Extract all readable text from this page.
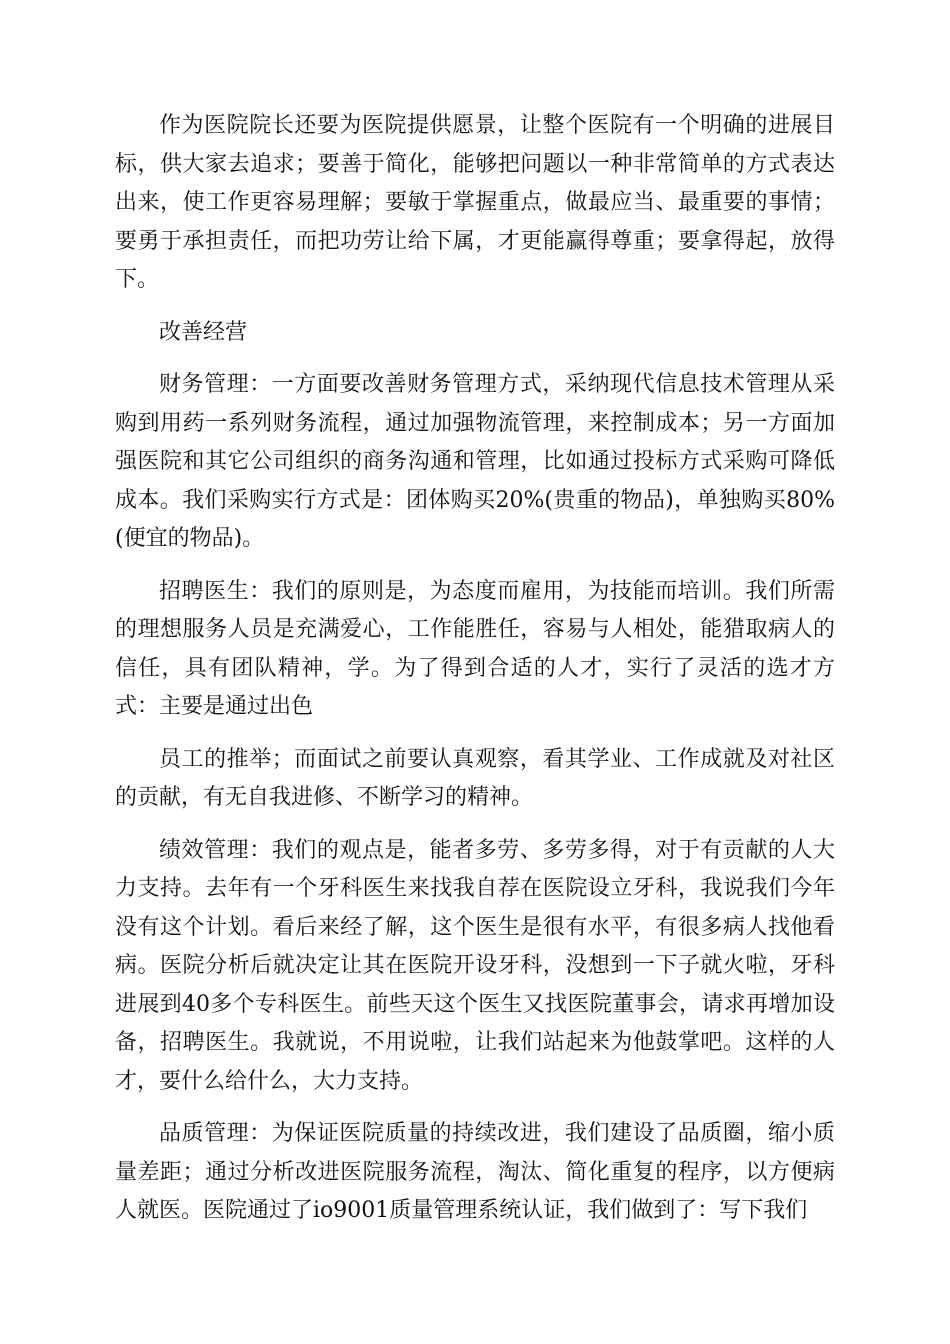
作为医院院长还要为医院提供愿景，让整个医院有一个明确的进展目标，供大家去追求；要善于简化，能够把问题以一种非常简单的方式表达出来，使工作更容易理解；要敏于掌握重点，做最应当、最重要的事情；要勇于承担责任，而把功劳让给下属，才更能赢得尊重；要拿得起，放得下。

改善经营

财务管理：一方面要改善财务管理方式，采纳现代信息技术管理从采购到用药一系列财务流程，通过加强物流管理，来控制成本；另一方面加强医院和其它公司组织的商务沟通和管理，比如通过投标方式采购可降低成本。我们采购实行方式是：团体购买20%(贵重的物品)，单独购买80%(便宜的物品)。

招聘医生：我们的原则是，为态度而雇用，为技能而培训。我们所需的理想服务人员是充满爱心，工作能胜任，容易与人相处，能猎取病人的信任，具有团队精神，学。为了得到合适的人才，实行了灵活的选才方式：主要是通过出色

员工的推举；而面试之前要认真观察，看其学业、工作成就及对社区的贡献，有无自我进修、不断学习的精神。

绩效管理：我们的观点是，能者多劳、多劳多得，对于有贡献的人大力支持。去年有一个牙科医生来找我自荐在医院设立牙科，我说我们今年没有这个计划。看后来经了解，这个医生是很有水平，有很多病人找他看病。医院分析后就决定让其在医院开设牙科，没想到一下子就火啦，牙科进展到40多个专科医生。前些天这个医生又找医院董事会，请求再增加设备，招聘医生。我就说，不用说啦，让我们站起来为他鼓掌吧。这样的人才，要什么给什么，大力支持。

品质管理：为保证医院质量的持续改进，我们建设了品质圈，缩小质量差距；通过分析改进医院服务流程，淘汰、简化重复的程序，以方便病人就医。医院通过了io9001质量管理系统认证，我们做到了：写下我们
